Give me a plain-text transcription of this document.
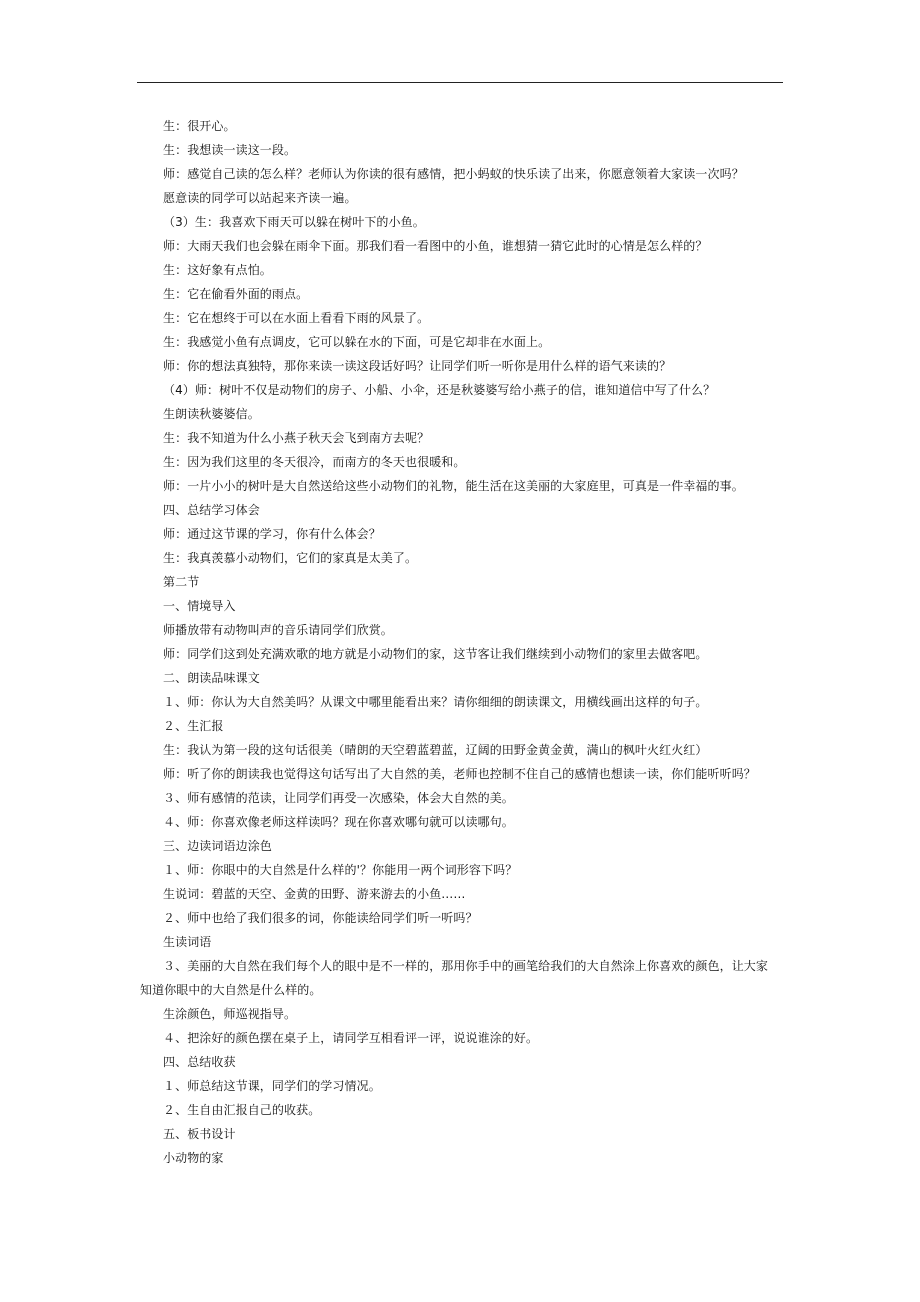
生：很开心。
生：我想读一读这一段。
师：感觉自己读的怎么样？老师认为你读的很有感情，把小蚂蚁的快乐读了出来，你愿意领着大家读一次吗？
愿意读的同学可以站起来齐读一遍。
（3）生：我喜欢下雨天可以躲在树叶下的小鱼。
师：大雨天我们也会躲在雨伞下面。那我们看一看图中的小鱼，谁想猜一猜它此时的心情是怎么样的？
生：这好象有点怕。
生：它在偷看外面的雨点。
生：它在想终于可以在水面上看看下雨的风景了。
生：我感觉小鱼有点调皮，它可以躲在水的下面，可是它却非在水面上。
师：你的想法真独特，那你来读一读这段话好吗？让同学们听一听你是用什么样的语气来读的？
（4）师：树叶不仅是动物们的房子、小船、小伞，还是秋婆婆写给小燕子的信，谁知道信中写了什么？
生朗读秋婆婆信。
生：我不知道为什么小燕子秋天会飞到南方去呢？
生：因为我们这里的冬天很冷，而南方的冬天也很暖和。
师：一片小小的树叶是大自然送给这些小动物们的礼物，能生活在这美丽的大家庭里，可真是一件幸福的事。
四、总结学习体会
师：通过这节课的学习，你有什么体会？
生：我真羡慕小动物们，它们的家真是太美了。
第二节
一、情境导入
师播放带有动物叫声的音乐请同学们欣赏。
师：同学们这到处充满欢歌的地方就是小动物们的家，这节客让我们继续到小动物们的家里去做客吧。
二、朗读品味课文
１、师：你认为大自然美吗？从课文中哪里能看出来？请你细细的朗读课文，用横线画出这样的句子。
２、生汇报
生：我认为第一段的这句话很美（晴朗的天空碧蓝碧蓝，辽阔的田野金黄金黄，满山的枫叶火红火红）
师：听了你的朗读我也觉得这句话写出了大自然的美，老师也控制不住自己的感情也想读一读，你们能听听吗？
３、师有感情的范读，让同学们再受一次感染，体会大自然的美。
４、师：你喜欢像老师这样读吗？现在你喜欢哪句就可以读哪句。
三、边读词语边涂色
１、师：你眼中的大自然是什么样的'？你能用一两个词形容下吗？
生说词：碧蓝的天空、金黄的田野、游来游去的小鱼……
２、师中也给了我们很多的词，你能读给同学们听一听吗？
生读词语
３、美丽的大自然在我们每个人的眼中是不一样的，那用你手中的画笔给我们的大自然涂上你喜欢的颜色，让大家
知道你眼中的大自然是什么样的。
生涂颜色，师巡视指导。
４、把涂好的颜色摆在桌子上，请同学互相看评一评，说说谁涂的好。
四、总结收获
１、师总结这节课，同学们的学习情况。
２、生自由汇报自己的收获。
五、板书设计
小动物的家
